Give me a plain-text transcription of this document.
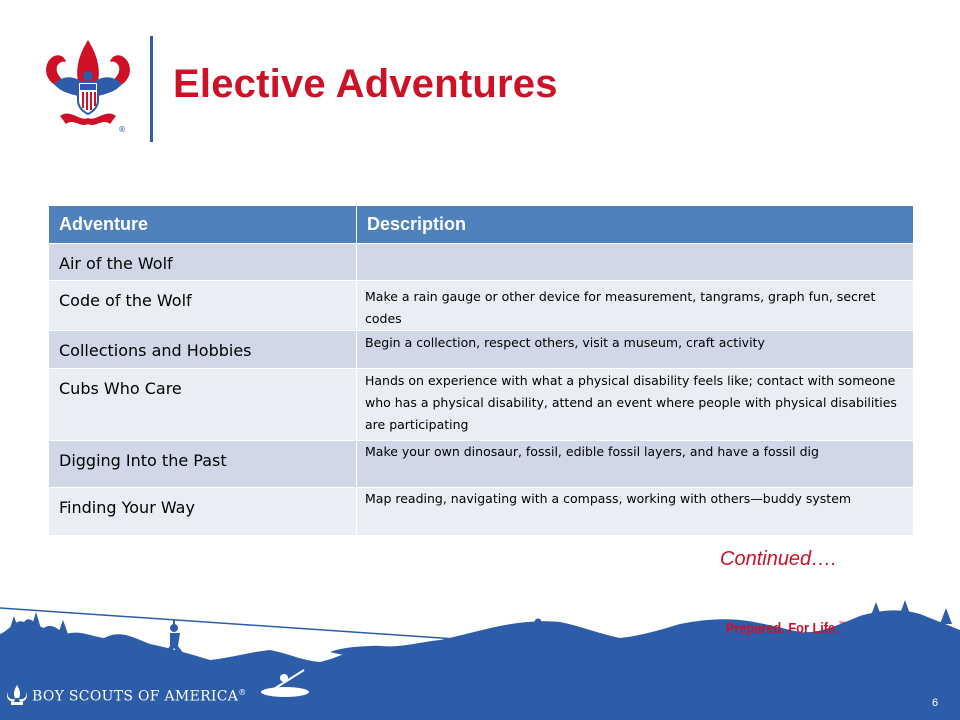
®
Elective Adventures
Adventure	Description
Air of the Wolf	
Code of the Wolf	Make a rain gauge or other device for measurement, tangrams, graph fun, secret codes
Collections and Hobbies	Begin a collection, respect others, visit a museum, craft activity
Cubs Who Care	Hands on experience with what a physical disability feels like; contact with someone who has a physical disability, attend an event where people with physical disabilities are participating
Digging Into the Past	Make your own dinosaur, fossil, edible fossil layers, and have a fossil dig
Finding Your Way	Map reading, navigating with a compass, working with others—buddy system
Continued….
BOY SCOUTS OF AMERICA®
Prepared. For Life.™
6
